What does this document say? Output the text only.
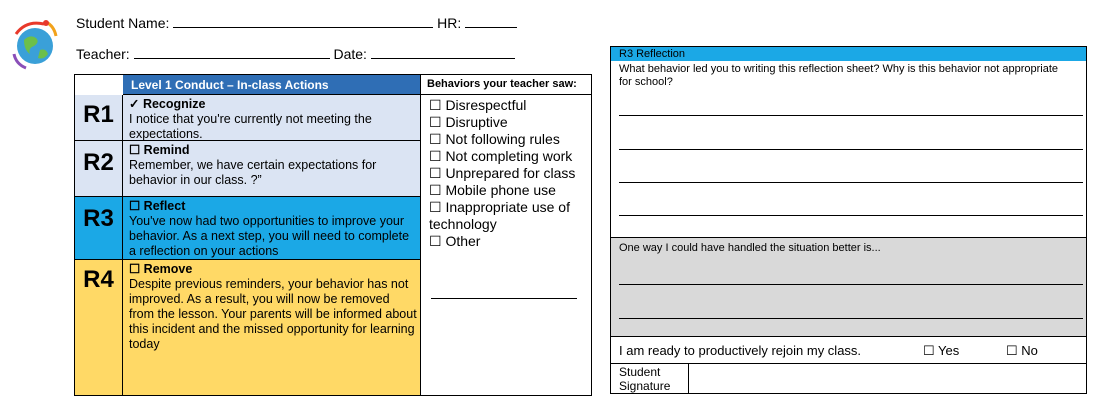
Student Name:	HR:
Teacher:	Date:
Level 1 Conduct – In-class Actions	Behaviors your teacher saw:
R1	✓ Recognize
I notice that you're currently not meeting the expectations.
R2	☐ Remind
Remember, we have certain expectations for behavior in our class. ?”
R3	☐ Reflect
You've now had two opportunities to improve your behavior. As a next step, you will need to complete a reflection on your actions
R4	☐ Remove
Despite previous reminders, your behavior has not improved. As a result, you will now be removed from the lesson. Your parents will be informed about this incident and the missed opportunity for learning today
☐ Disrespectful
☐ Disruptive
☐ Not following rules
☐ Not completing work
☐ Unprepared for class
☐ Mobile phone use
☐ Inappropriate use of technology
☐ Other
R3 Reflection
What behavior led you to writing this reflection sheet? Why is this behavior not appropriate for school?
One way I could have handled the situation better is...
I am ready to productively rejoin my class.	☐ Yes	☐ No
Student Signature
